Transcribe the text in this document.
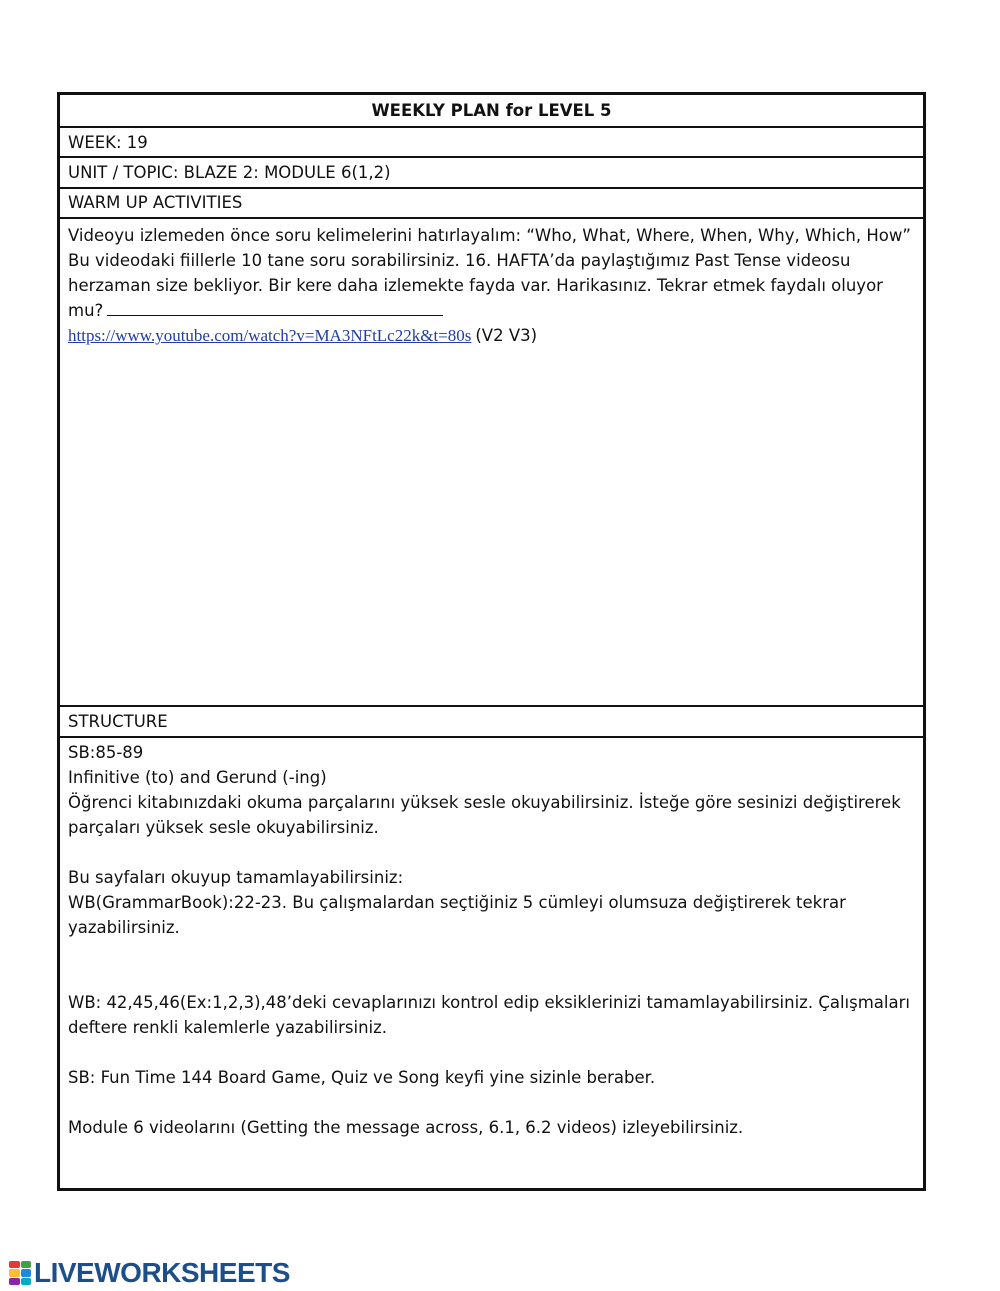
WEEKLY PLAN for LEVEL 5
WEEK: 19
UNIT / TOPIC: BLAZE 2: MODULE 6(1,2)
WARM UP ACTIVITIES
Videoyu izlemeden önce soru kelimelerini hatırlayalım: “Who, What, Where, When, Why, Which, How”
Bu videodaki fiillerle 10 tane soru sorabilirsiniz. 16. HAFTA’da paylaştığımız Past Tense videosu
herzaman size bekliyor. Bir kere daha izlemekte fayda var. Harikasınız. Tekrar etmek faydalı oluyor
mu?
https://www.youtube.com/watch?v=MA3NFtLc22k&t=80s (V2 V3)
STRUCTURE
SB:85-89
Infinitive (to) and Gerund (-ing)
Öğrenci kitabınızdaki okuma parçalarını yüksek sesle okuyabilirsiniz. İsteğe göre sesinizi değiştirerek
parçaları yüksek sesle okuyabilirsiniz.
Bu sayfaları okuyup tamamlayabilirsiniz:
WB(GrammarBook):22-23. Bu çalışmalardan seçtiğiniz 5 cümleyi olumsuza değiştirerek tekrar
yazabilirsiniz.
WB: 42,45,46(Ex:1,2,3),48’deki cevaplarınızı kontrol edip eksiklerinizi tamamlayabilirsiniz. Çalışmaları
deftere renkli kalemlerle yazabilirsiniz.
SB: Fun Time 144 Board Game, Quiz ve Song keyfi yine sizinle beraber.
Module 6 videolarını (Getting the message across, 6.1, 6.2 videos) izleyebilirsiniz.
LIVEWORKSHEETS
